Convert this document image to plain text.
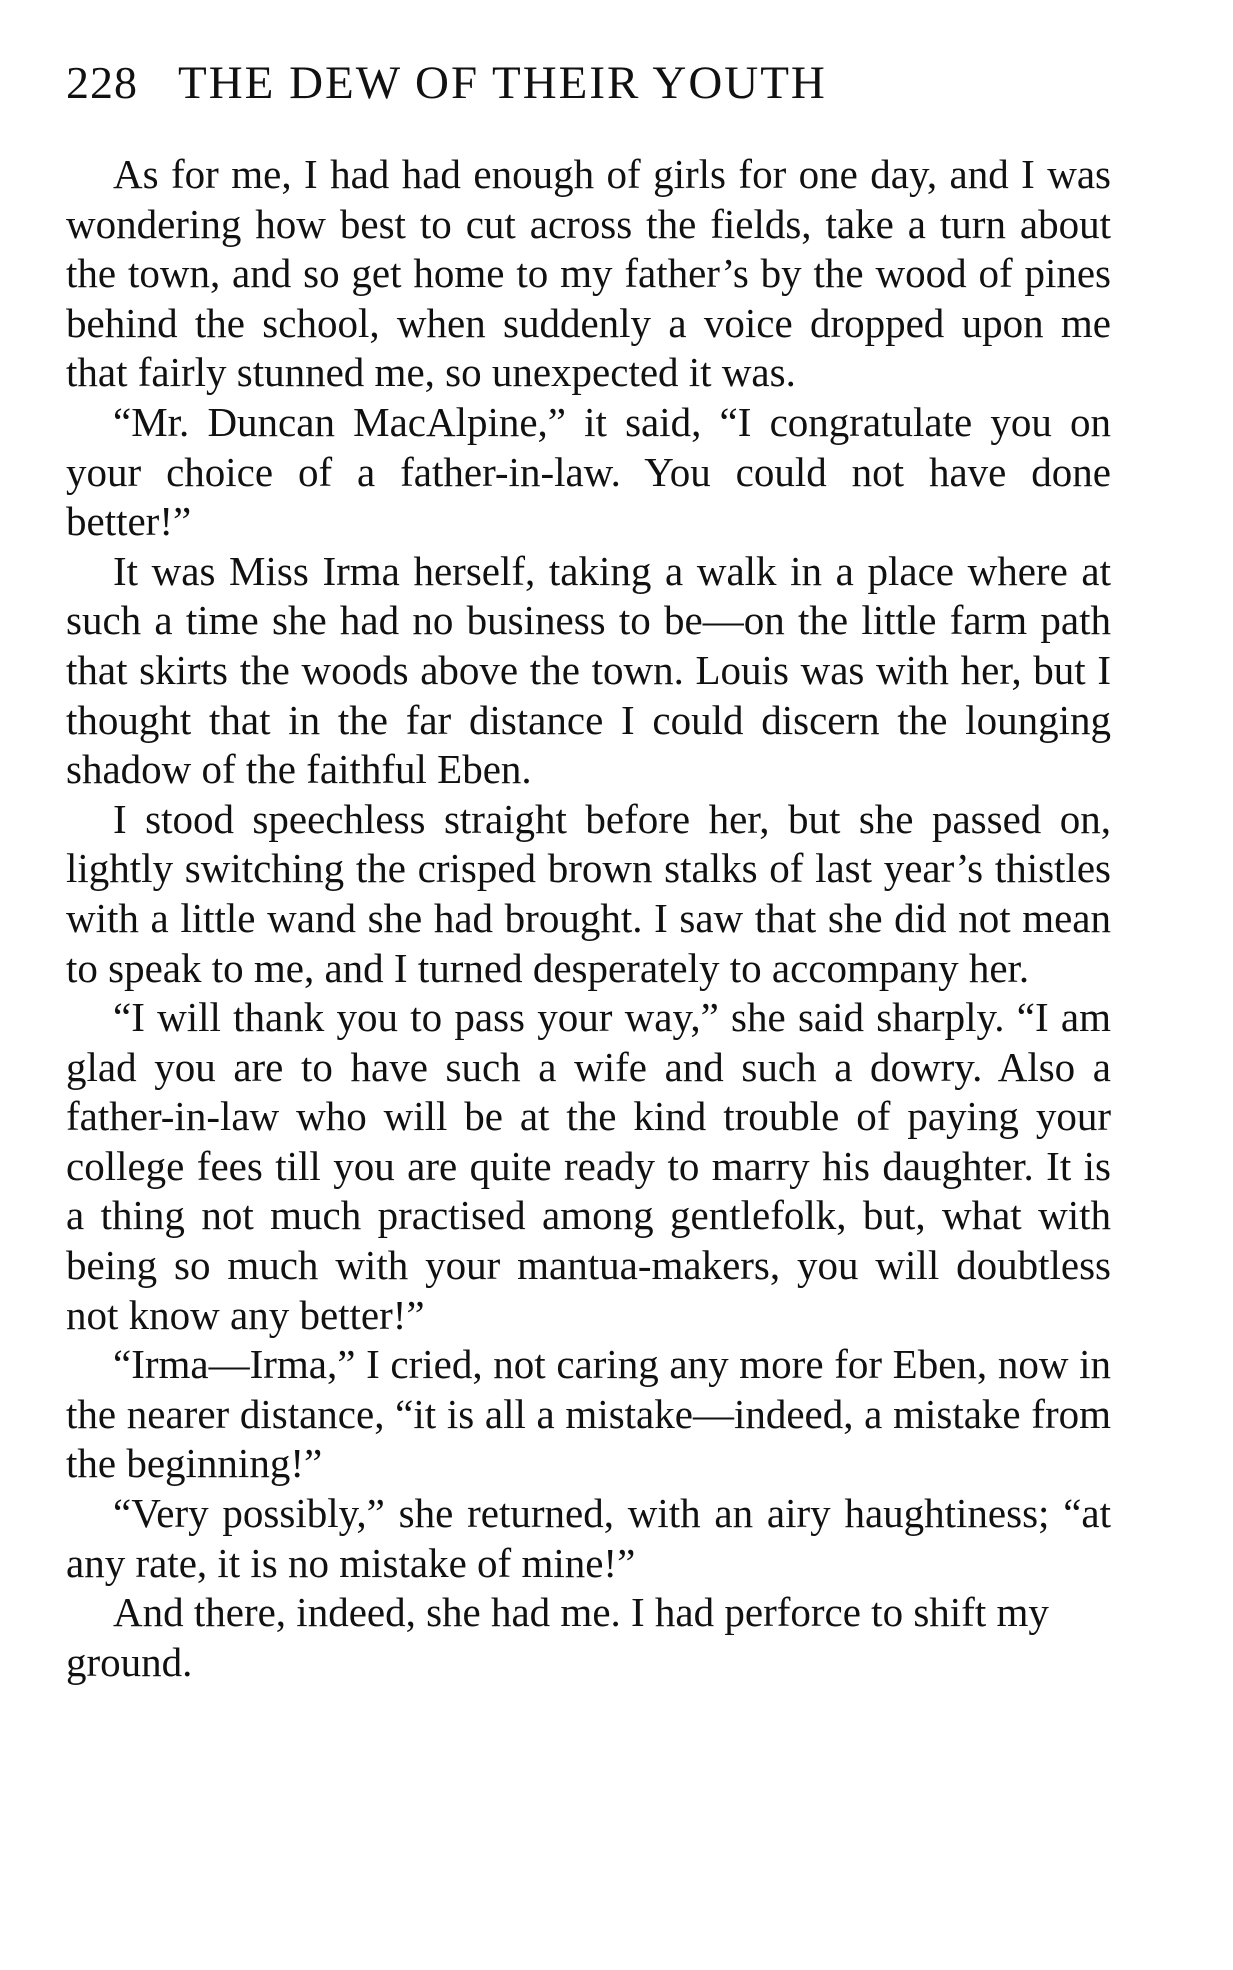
228 THE DEW OF THEIR YOUTH

As for me, I had had enough of girls for one day, and I was wondering how best to cut across the fields, take a turn about the town, and so get home to my father’s by the wood of pines behind the school, when suddenly a voice dropped upon me that fairly stunned me, so unexpected it was.

“Mr. Duncan MacAlpine,” it said, “I congratulate you on your choice of a father-in-law. You could not have done better!”

It was Miss Irma herself, taking a walk in a place where at such a time she had no business to be—on the little farm path that skirts the woods above the town. Louis was with her, but I thought that in the far distance I could discern the lounging shadow of the faithful Eben.

I stood speechless straight before her, but she passed on, lightly switching the crisped brown stalks of last year’s thistles with a little wand she had brought. I saw that she did not mean to speak to me, and I turned desperately to accompany her.

“I will thank you to pass your way,” she said sharply. “I am glad you are to have such a wife and such a dowry. Also a father-in-law who will be at the kind trouble of paying your college fees till you are quite ready to marry his daughter. It is a thing not much practised among gentlefolk, but, what with being so much with your mantua-makers, you will doubtless not know any better!”

“Irma—Irma,” I cried, not caring any more for Eben, now in the nearer distance, “it is all a mistake—indeed, a mistake from the beginning!”

“Very possibly,” she returned, with an airy haughtiness; “at any rate, it is no mistake of mine!”

And there, indeed, she had me. I had perforce to shift my ground.
